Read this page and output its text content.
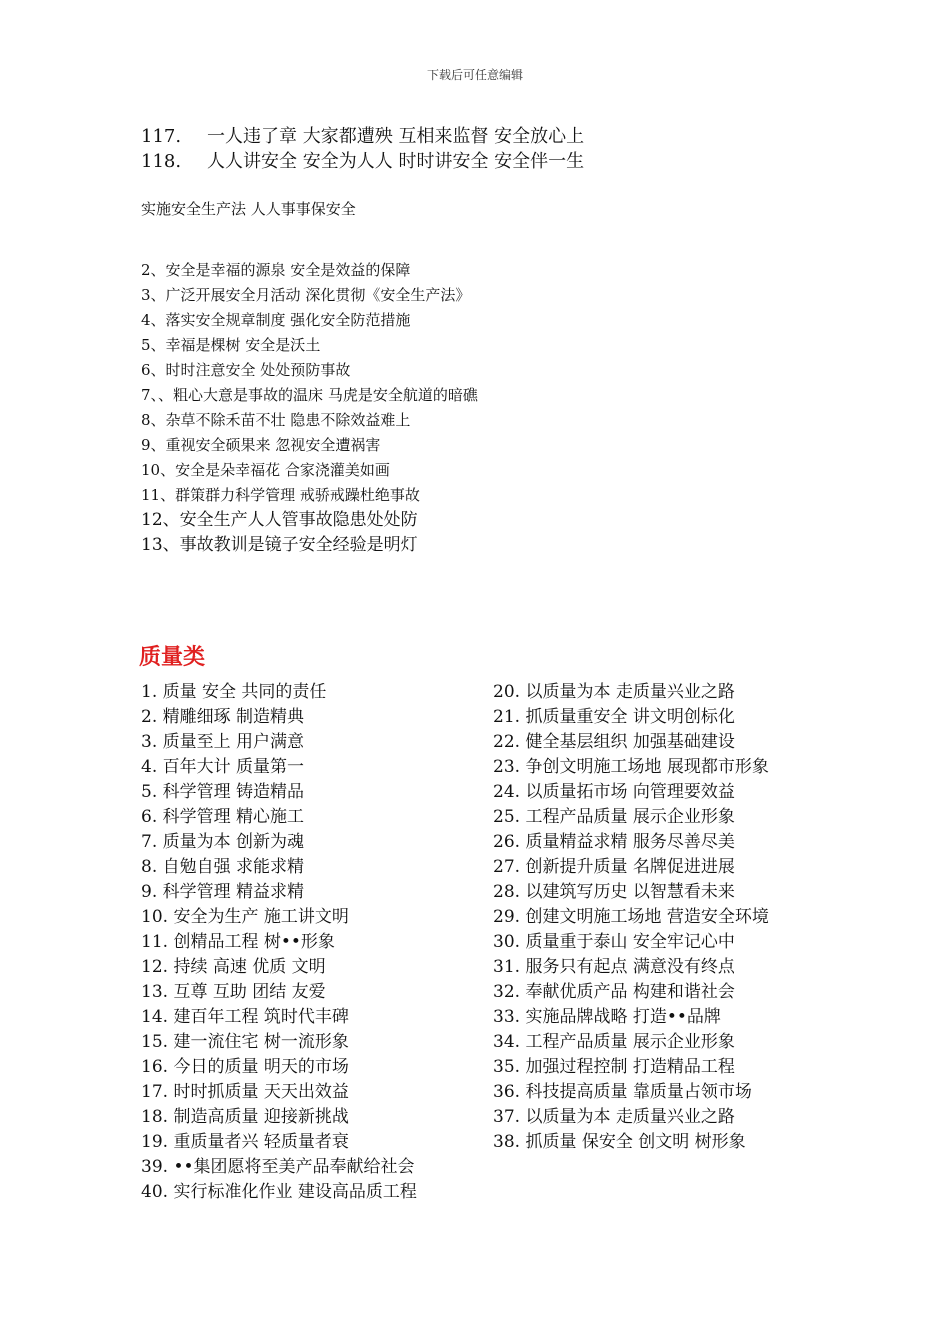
下载后可任意编辑
117. 一人违了章 大家都遭殃 互相来监督 安全放心上
118. 人人讲安全 安全为人人 时时讲安全 安全伴一生
实施安全生产法 人人事事保安全
2、安全是幸福的源泉 安全是效益的保障
3、广泛开展安全月活动 深化贯彻《安全生产法》
4、落实安全规章制度 强化安全防范措施
5、幸福是棵树 安全是沃土
6、时时注意安全 处处预防事故
7、、粗心大意是事故的温床 马虎是安全航道的暗礁
8、杂草不除禾苗不壮 隐患不除效益难上
9、重视安全硕果来 忽视安全遭祸害
10、安全是朵幸福花 合家浇灌美如画
11、群策群力科学管理 戒骄戒躁杜绝事故
12、安全生产人人管事故隐患处处防
13、事故教训是镜子安全经验是明灯
质量类
1. 质量 安全 共同的责任
2. 精雕细琢 制造精典
3. 质量至上 用户满意
4. 百年大计 质量第一
5. 科学管理 铸造精品
6. 科学管理 精心施工
7. 质量为本 创新为魂
8. 自勉自强 求能求精
9. 科学管理 精益求精
10. 安全为生产 施工讲文明
11. 创精品工程 树••形象
12. 持续 高速 优质 文明
13. 互尊 互助 团结 友爱
14. 建百年工程 筑时代丰碑
15. 建一流住宅 树一流形象
16. 今日的质量 明天的市场
17. 时时抓质量 天天出效益
18. 制造高质量 迎接新挑战
19. 重质量者兴 轻质量者衰
39. ••集团愿将至美产品奉献给社会
40. 实行标准化作业 建设高品质工程
20. 以质量为本 走质量兴业之路
21. 抓质量重安全 讲文明创标化
22. 健全基层组织 加强基础建设
23. 争创文明施工场地 展现都市形象
24. 以质量拓市场 向管理要效益
25. 工程产品质量 展示企业形象
26. 质量精益求精 服务尽善尽美
27. 创新提升质量 名牌促进进展
28. 以建筑写历史 以智慧看未来
29. 创建文明施工场地 营造安全环境
30. 质量重于泰山 安全牢记心中
31. 服务只有起点 满意没有终点
32. 奉献优质产品 构建和谐社会
33. 实施品牌战略 打造••品牌
34. 工程产品质量 展示企业形象
35. 加强过程控制 打造精品工程
36. 科技提高质量 靠质量占领市场
37. 以质量为本 走质量兴业之路
38. 抓质量 保安全 创文明 树形象
